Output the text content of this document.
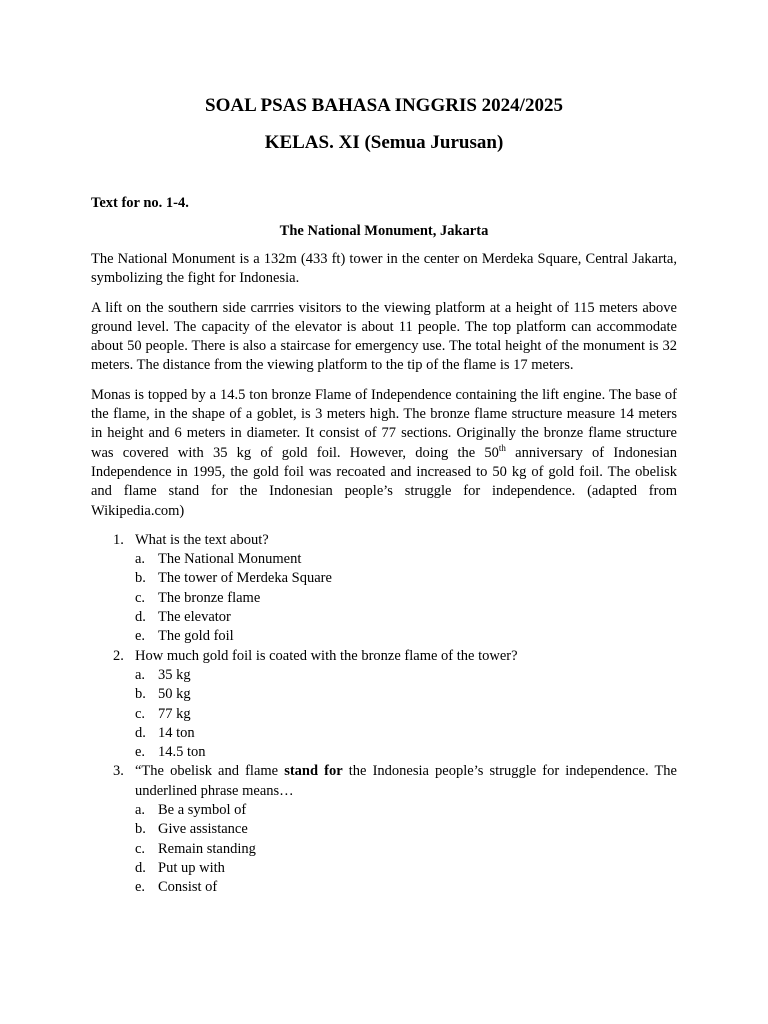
SOAL PSAS BAHASA INGGRIS 2024/2025
KELAS. XI (Semua Jurusan)
Text for no. 1-4.
The National Monument, Jakarta

The National Monument is a 132m (433 ft) tower in the center on Merdeka Square, Central Jakarta, symbolizing the fight for Indonesia.

A lift on the southern side carrries visitors to the viewing platform at a height of 115 meters above ground level. The capacity of the elevator is about 11 people. The top platform can accommodate about 50 people. There is also a staircase for emergency use. The total height of the monument is 32 meters. The distance from the viewing platform to the tip of the flame is 17 meters.

Monas is topped by a 14.5 ton bronze Flame of Independence containing the lift engine. The base of the flame, in the shape of a goblet, is 3 meters high. The bronze flame structure measure 14 meters in height and 6 meters in diameter. It consist of 77 sections. Originally the bronze flame structure was covered with 35 kg of gold foil. However, doing the 50th anniversary of Indonesian Independence in 1995, the gold foil was recoated and increased to 50 kg of gold foil. The obelisk and flame stand for the Indonesian people’s struggle for independence. (adapted from Wikipedia.com)

1. What is the text about?
a. The National Monument
b. The tower of Merdeka Square
c. The bronze flame
d. The elevator
e. The gold foil
2. How much gold foil is coated with the bronze flame of the tower?
a. 35 kg
b. 50 kg
c. 77 kg
d. 14 ton
e. 14.5 ton
3. “The obelisk and flame stand for the Indonesia people’s struggle for independence. The underlined phrase means…
a. Be a symbol of
b. Give assistance
c. Remain standing
d. Put up with
e. Consist of
